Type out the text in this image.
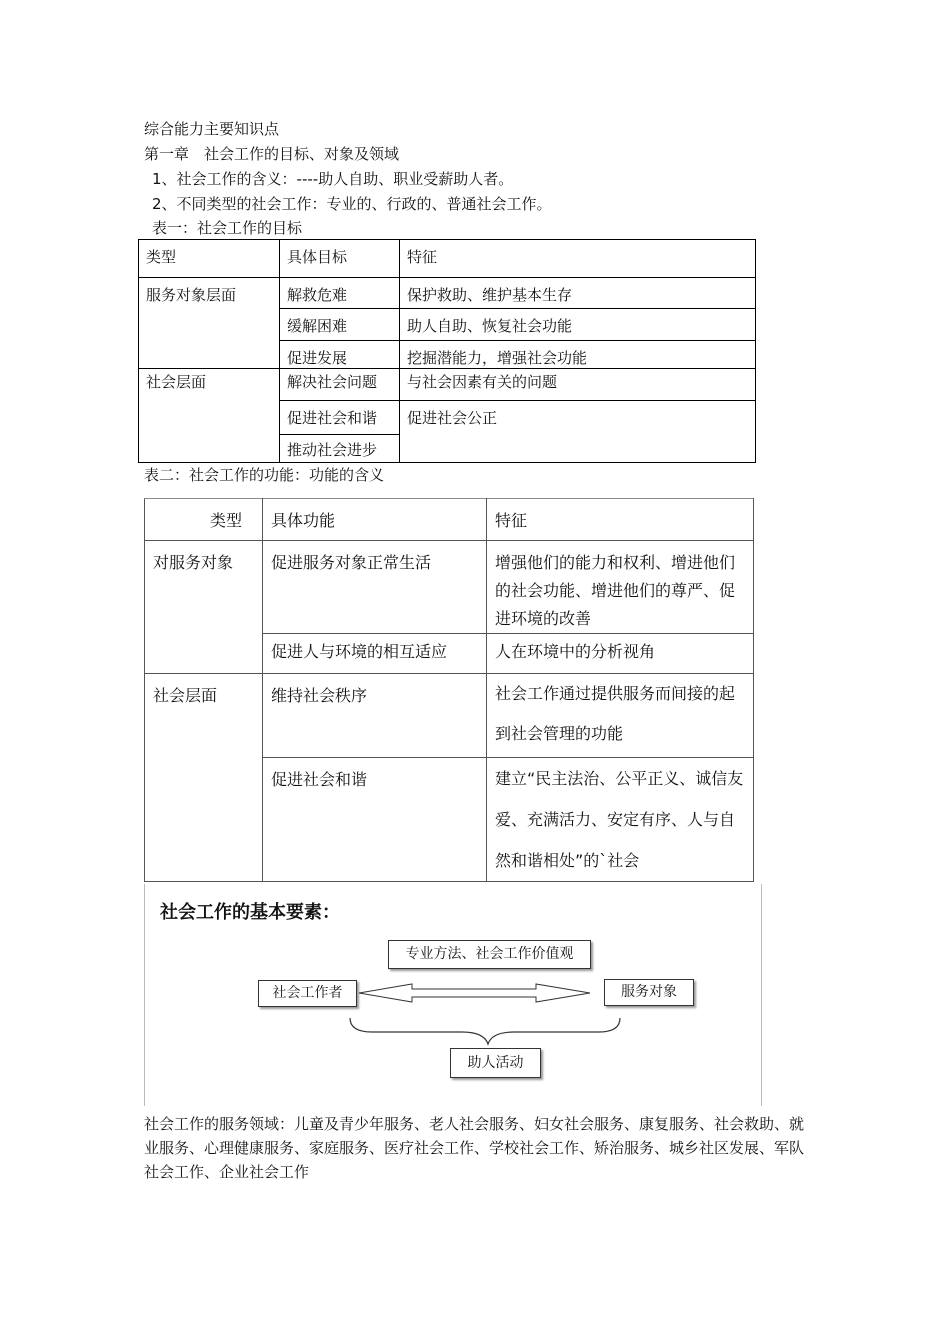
综合能力主要知识点
第一章　社会工作的目标、对象及领域
1、社会工作的含义：----助人自助、职业受薪助人者。
2、不同类型的社会工作：专业的、行政的、普通社会工作。
表一：社会工作的目标
类型	具体目标	特征
服务对象层面	解救危难	保护救助、维护基本生存
	缓解困难	助人自助、恢复社会功能
	促进发展	挖掘潜能力，增强社会功能
社会层面	解决社会问题	与社会因素有关的问题
	促进社会和谐	促进社会公正
	推动社会进步	
表二：社会工作的功能：功能的含义
类型	具体功能	特征
对服务对象	促进服务对象正常生活	增强他们的能力和权利、增进他们的社会功能、增进他们的尊严、促进环境的改善
	促进人与环境的相互适应	人在环境中的分析视角
社会层面	维持社会秩序	社会工作通过提供服务而间接的起到社会管理的功能
	促进社会和谐	建立“民主法治、公平正义、诚信友爱、充满活力、安定有序、人与自然和谐相处”的`社会
社会工作的基本要素：
专业方法、社会工作价值观
社会工作者	服务对象
助人活动
社会工作的服务领域：儿童及青少年服务、老人社会服务、妇女社会服务、康复服务、社会救助、就业服务、心理健康服务、家庭服务、医疗社会工作、学校社会工作、矫治服务、城乡社区发展、军队社会工作、企业社会工作
